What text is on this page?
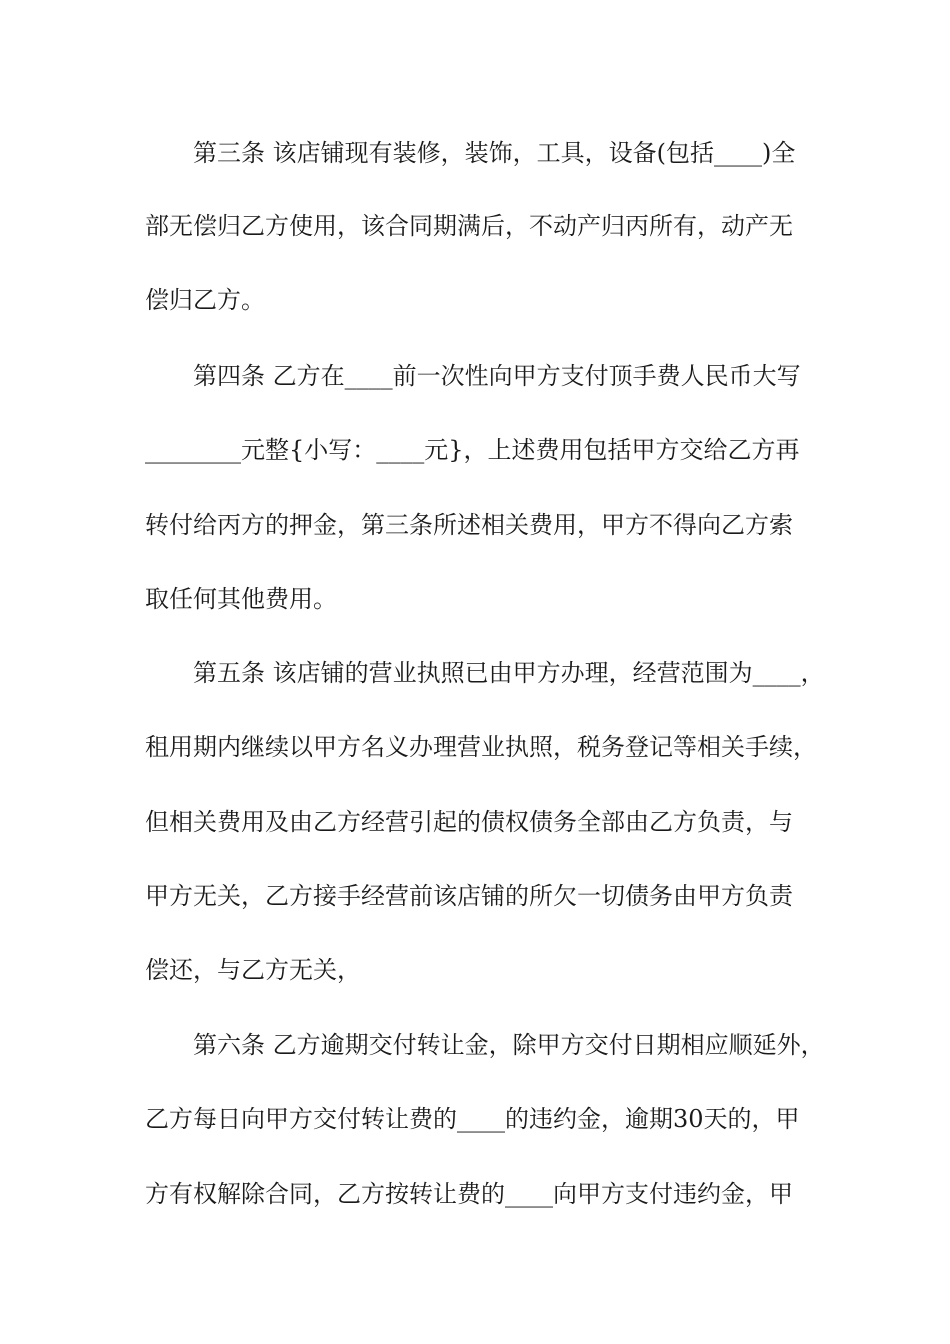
第三条 该店铺现有装修，装饰，工具，设备(包括____)全
部无偿归乙方使用，该合同期满后，不动产归丙所有，动产无
偿归乙方。
第四条 乙方在____前一次性向甲方支付顶手费人民币大写
________元整{小写：____元}，上述费用包括甲方交给乙方再
转付给丙方的押金，第三条所述相关费用，甲方不得向乙方索
取任何其他费用。
第五条 该店铺的营业执照已由甲方办理，经营范围为____，
租用期内继续以甲方名义办理营业执照，税务登记等相关手续，
但相关费用及由乙方经营引起的债权债务全部由乙方负责，与
甲方无关，乙方接手经营前该店铺的所欠一切债务由甲方负责
偿还，与乙方无关，
第六条 乙方逾期交付转让金，除甲方交付日期相应顺延外，
乙方每日向甲方交付转让费的____的违约金，逾期30天的，甲
方有权解除合同，乙方按转让费的____向甲方支付违约金，甲
